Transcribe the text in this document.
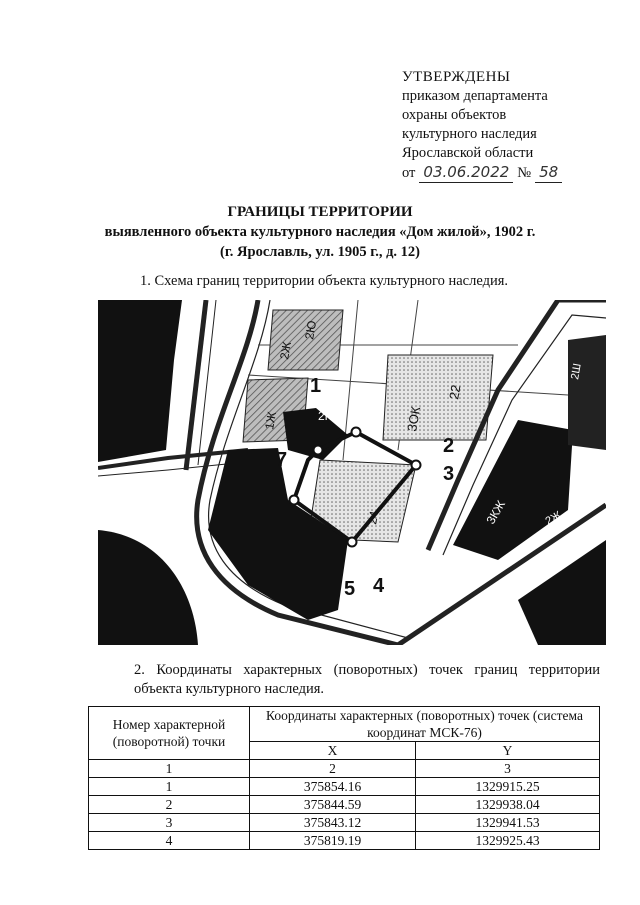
УТВЕРЖДЕНЫ
приказом департамента
охраны объектов
культурного наследия
Ярославской области
от 03.06.2022 № 58
ГРАНИЦЫ ТЕРРИТОРИИ
выявленного объекта культурного наследия «Дом жилой», 1902 г.
(г. Ярославль, ул. 1905 г., д. 12)
1. Схема границ территории объекта культурного наследия.
1
2
3
4
5
7
1Ж	2КЖ
2Ж
3ОК
22
2Ю
3КЖ
24
2Ш
2Ж
2. Координаты характерных (поворотных) точек границ территории объекта культурного наследия.
Номер характерной (поворотной) точки	Координаты характерных (поворотных) точек (система координат МСК-76)	
	X	Y
1	2	3
1	375854.16	1329915.25
2	375844.59	1329938.04
3	375843.12	1329941.53
4	375819.19	1329925.43
